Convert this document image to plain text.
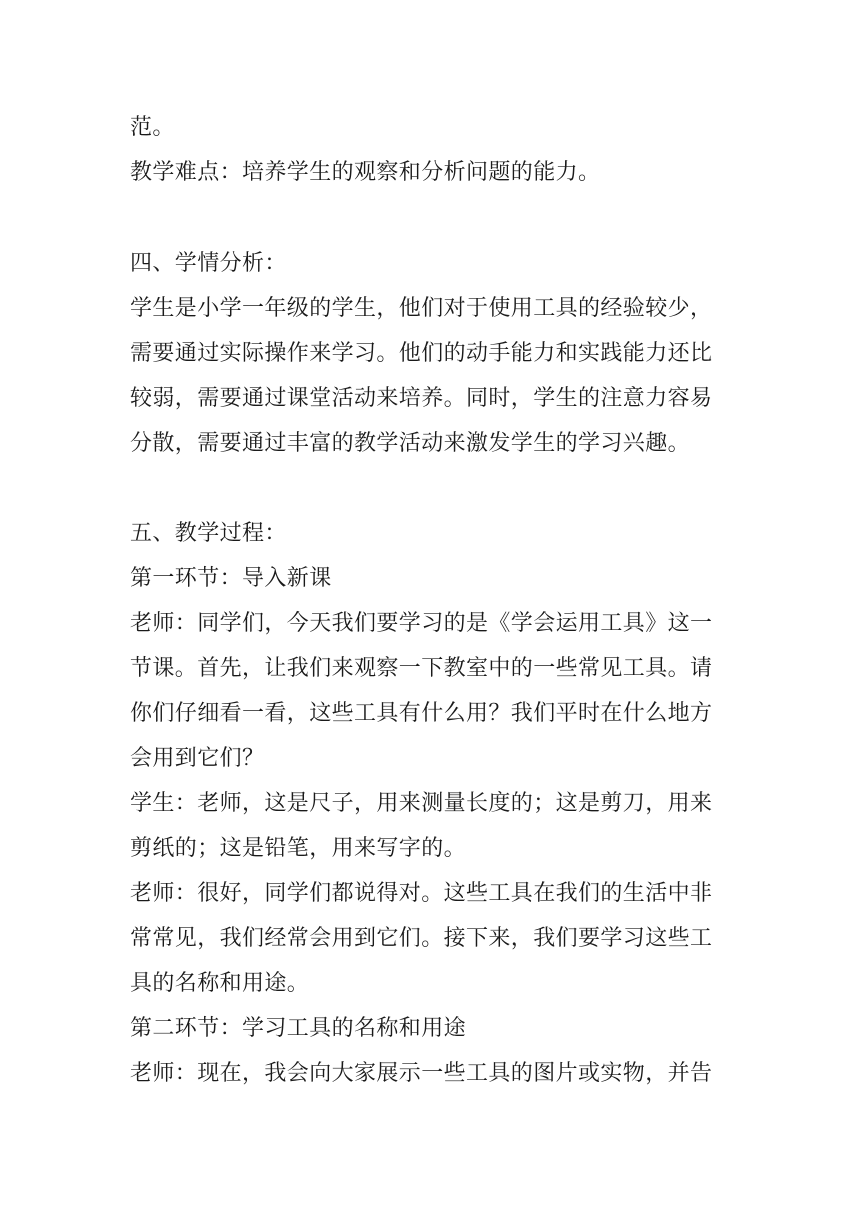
范。
教学难点：培养学生的观察和分析问题的能力。
四、学情分析：
学生是小学一年级的学生，他们对于使用工具的经验较少，
需要通过实际操作来学习。他们的动手能力和实践能力还比
较弱，需要通过课堂活动来培养。同时，学生的注意力容易
分散，需要通过丰富的教学活动来激发学生的学习兴趣。
五、教学过程：
第一环节：导入新课
老师：同学们，今天我们要学习的是《学会运用工具》这一
节课。首先，让我们来观察一下教室中的一些常见工具。请
你们仔细看一看，这些工具有什么用？我们平时在什么地方
会用到它们？
学生：老师，这是尺子，用来测量长度的；这是剪刀，用来
剪纸的；这是铅笔，用来写字的。
老师：很好，同学们都说得对。这些工具在我们的生活中非
常常见，我们经常会用到它们。接下来，我们要学习这些工
具的名称和用途。
第二环节：学习工具的名称和用途
老师：现在，我会向大家展示一些工具的图片或实物，并告
